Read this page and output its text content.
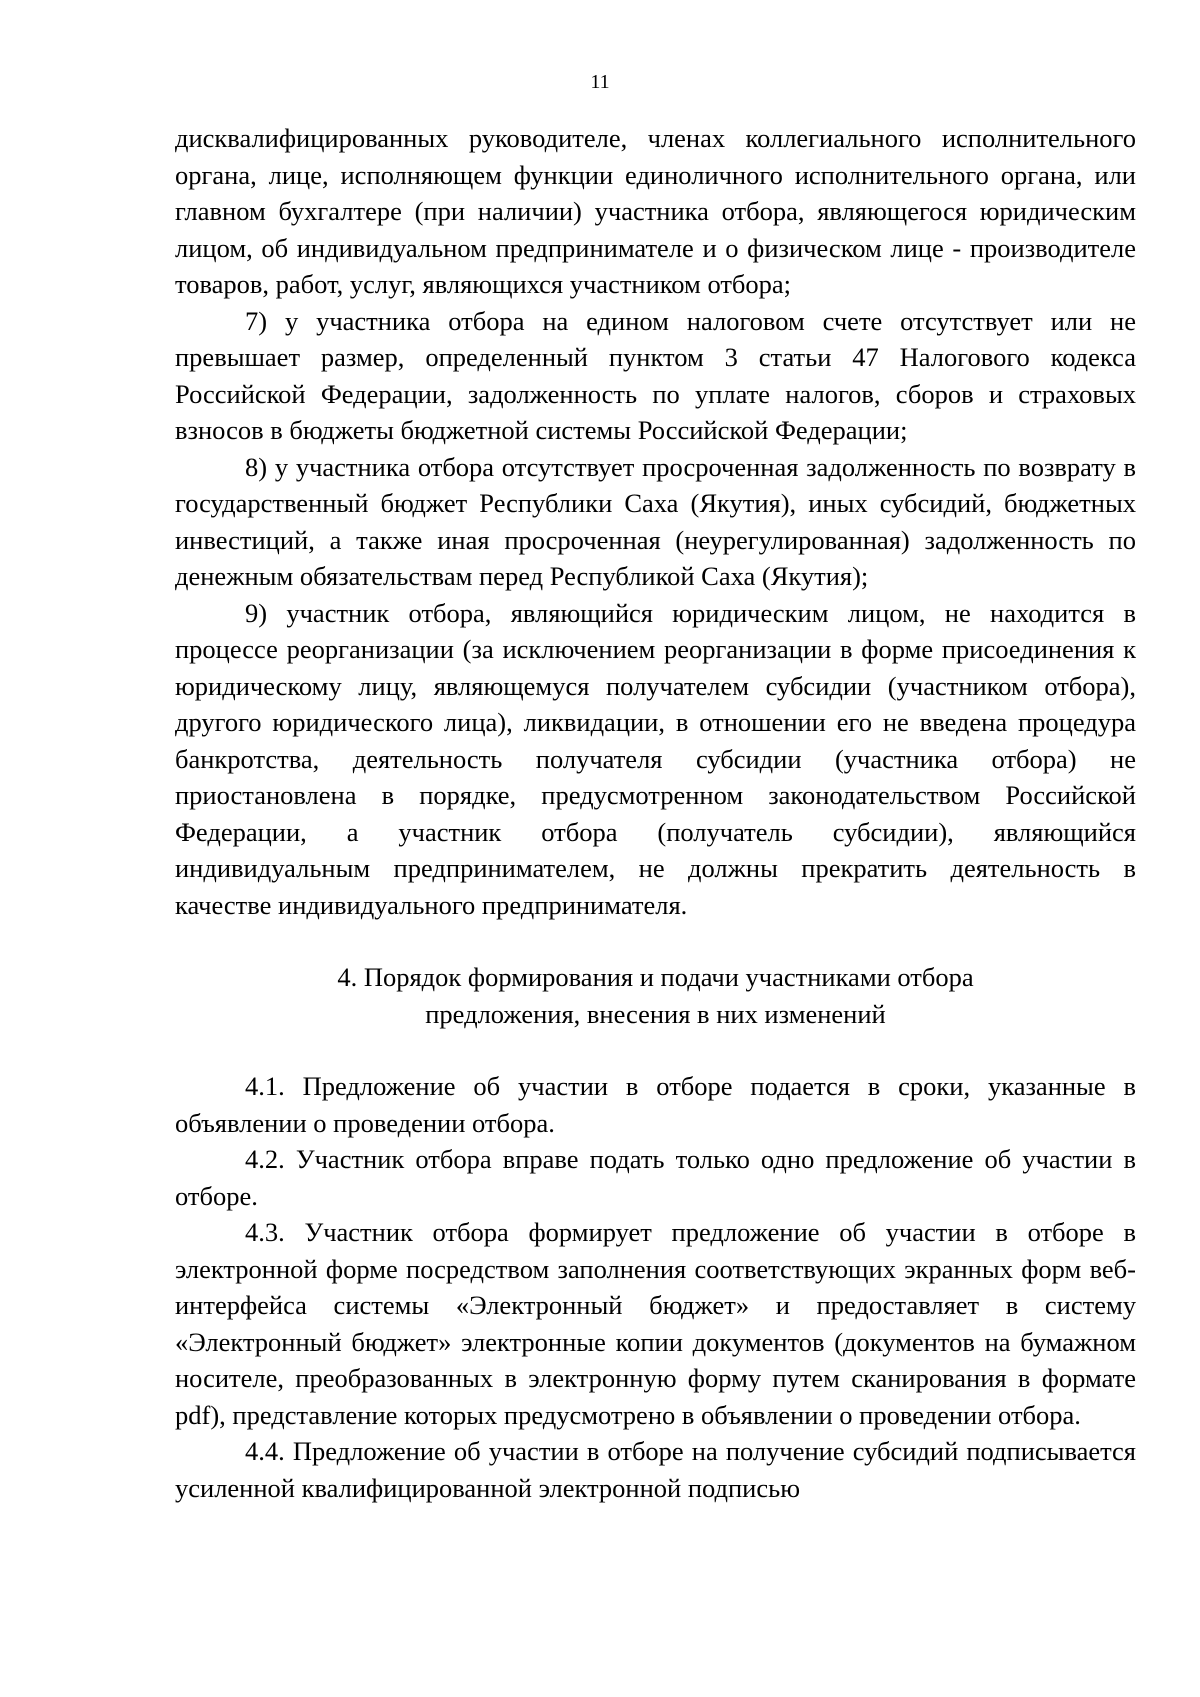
11

дисквалифицированных руководителе, членах коллегиального исполнительного органа, лице, исполняющем функции единоличного исполнительного органа, или главном бухгалтере (при наличии) участника отбора, являющегося юридическим лицом, об индивидуальном предпринимателе и о физическом лице - производителе товаров, работ, услуг, являющихся участником отбора;

7) у участника отбора на едином налоговом счете отсутствует или не превышает размер, определенный пунктом 3 статьи 47 Налогового кодекса Российской Федерации, задолженность по уплате налогов, сборов и страховых взносов в бюджеты бюджетной системы Российской Федерации;

8) у участника отбора отсутствует просроченная задолженность по возврату в государственный бюджет Республики Саха (Якутия), иных субсидий, бюджетных инвестиций, а также иная просроченная (неурегулированная) задолженность по денежным обязательствам перед Республикой Саха (Якутия);

9) участник отбора, являющийся юридическим лицом, не находится в процессе реорганизации (за исключением реорганизации в форме присоединения к юридическому лицу, являющемуся получателем субсидии (участником отбора), другого юридического лица), ликвидации, в отношении его не введена процедура банкротства, деятельность получателя субсидии (участника отбора) не приостановлена в порядке, предусмотренном законодательством Российской Федерации, а участник отбора (получатель субсидии), являющийся индивидуальным предпринимателем, не должны прекратить деятельность в качестве индивидуального предпринимателя.

4. Порядок формирования и подачи участниками отбора

предложения, внесения в них изменений

4.1. Предложение об участии в отборе подается в сроки, указанные в объявлении о проведении отбора.

4.2. Участник отбора вправе подать только одно предложение об участии в отборе.

4.3. Участник отбора формирует предложение об участии в отборе в электронной форме посредством заполнения соответствующих экранных форм веб-интерфейса системы «Электронный бюджет» и предоставляет в систему «Электронный бюджет» электронные копии документов (документов на бумажном носителе, преобразованных в электронную форму путем сканирования в формате pdf), представление которых предусмотрено в объявлении о проведении отбора.

4.4. Предложение об участии в отборе на получение субсидий подписывается усиленной квалифицированной электронной подписью
